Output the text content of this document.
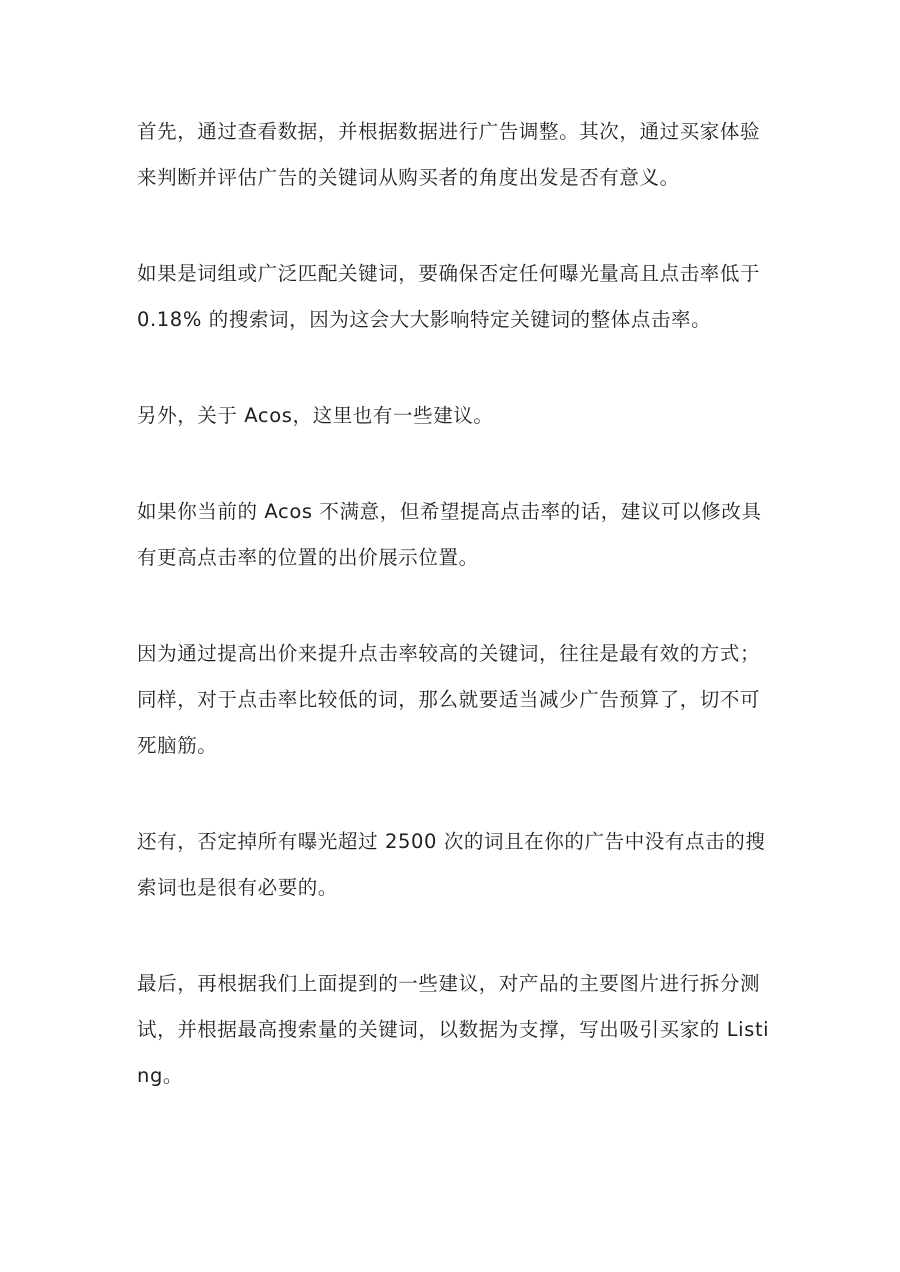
首先，通过查看数据，并根据数据进行广告调整。其次，通过买家体验来判断并评估广告的关键词从购买者的角度出发是否有意义。

如果是词组或广泛匹配关键词，要确保否定任何曝光量高且点击率低于 0.18% 的搜索词，因为这会大大影响特定关键词的整体点击率。

另外，关于 Acos，这里也有一些建议。

如果你当前的 Acos 不满意，但希望提高点击率的话，建议可以修改具有更高点击率的位置的出价展示位置。

因为通过提高出价来提升点击率较高的关键词，往往是最有效的方式；同样，对于点击率比较低的词，那么就要适当减少广告预算了，切不可死脑筋。

还有，否定掉所有曝光超过 2500 次的词且在你的广告中没有点击的搜索词也是很有必要的。

最后，再根据我们上面提到的一些建议，对产品的主要图片进行拆分测试，并根据最高搜索量的关键词，以数据为支撑，写出吸引买家的 Listing。
